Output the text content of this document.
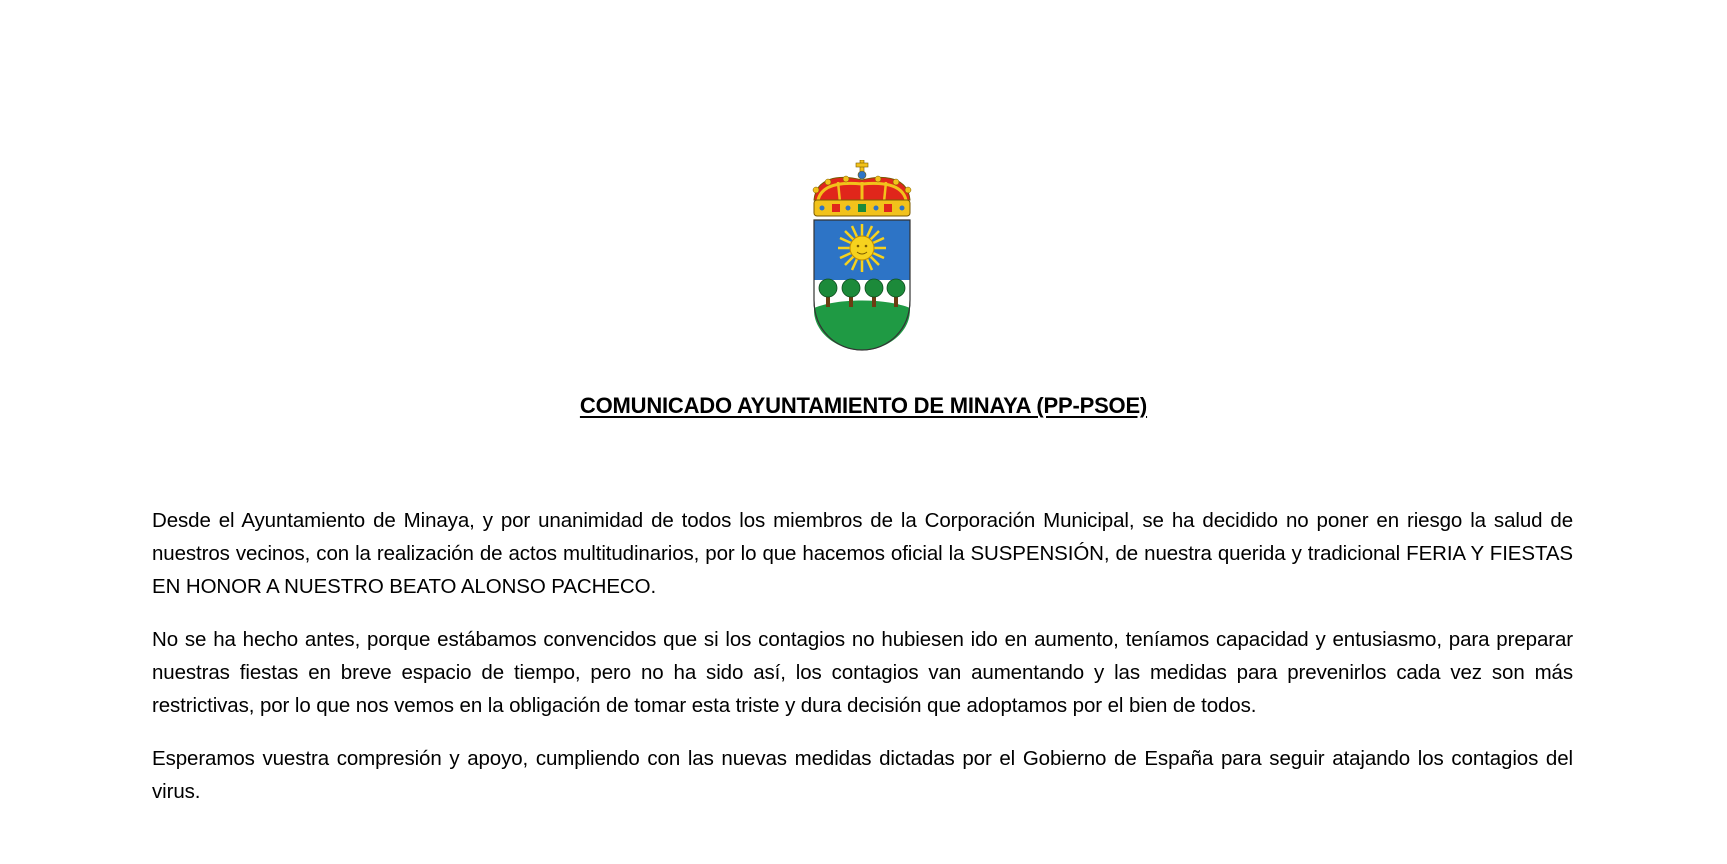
COMUNICADO AYUNTAMIENTO DE MINAYA (PP-PSOE)

Desde el Ayuntamiento de Minaya, y por unanimidad de todos los miembros de la Corporación Municipal, se ha decidido no poner en riesgo la salud de nuestros vecinos, con la realización de actos multitudinarios, por lo que hacemos oficial la SUSPENSIÓN, de nuestra querida y tradicional FERIA Y FIESTAS EN HONOR A NUESTRO BEATO ALONSO PACHECO.

No se ha hecho antes, porque estábamos convencidos que si los contagios no hubiesen ido en aumento, teníamos capacidad y entusiasmo, para preparar nuestras fiestas en breve espacio de tiempo, pero no ha sido así, los contagios van aumentando y las medidas para prevenirlos cada vez son más restrictivas, por lo que nos vemos en la obligación de tomar esta triste y dura decisión que adoptamos por el bien de todos.

Esperamos vuestra compresión y apoyo, cumpliendo con las nuevas medidas dictadas por el Gobierno de España para seguir atajando los contagios del virus.
